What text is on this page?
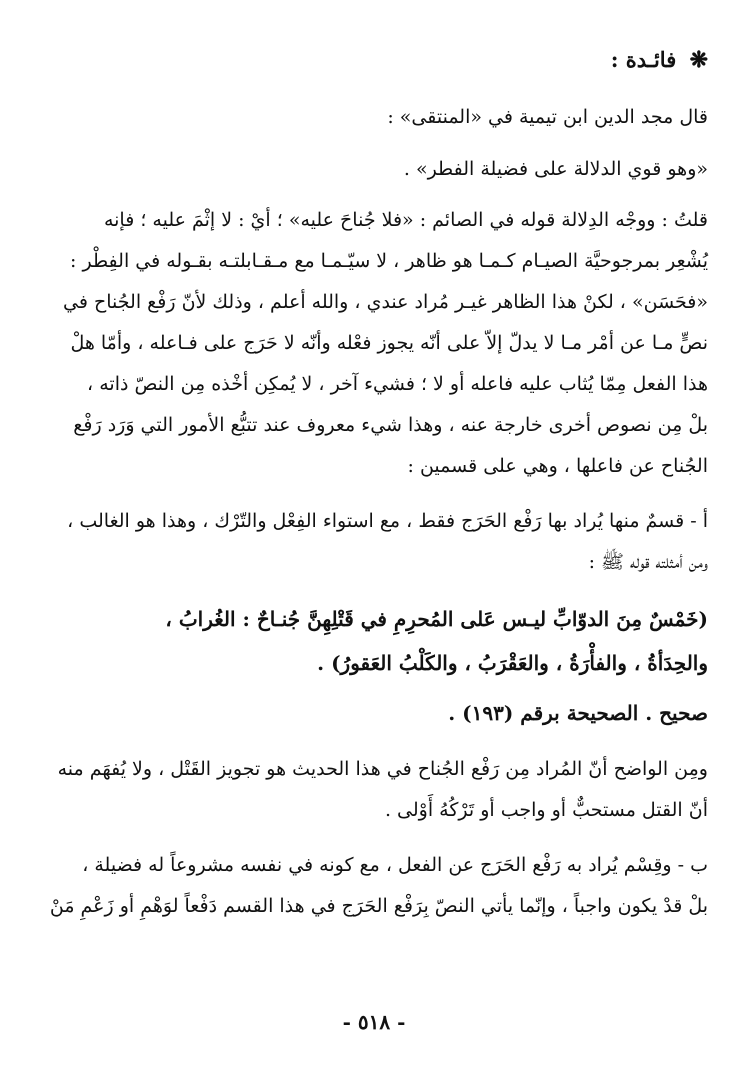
❋ فائـدة :

قال مجد الدين ابن تيمية في «المنتقى» :

«وهو قوي الدلالة على فضيلة الفطر» .

قلتُ : ووجْه الدِلالة قوله في الصائم : «فلا جُناحَ عليه» ؛ أيْ : لا إثْمَ عليه ؛ فإنه
يُشْعِر بمرجوحيَّة الصيـام كـمـا هو ظاهر ، لا سيّـمـا مع مـقـابلتـه بقـوله في الفِطْر :
«فحَسَن» ، لكنْ هذا الظاهر غيـر مُراد عندي ، والله أعلم ، وذلك لأنّ رَفْع الجُناح في
نصٍّ مـا عن أمْر مـا لا يدلّ إلاّ على أنّه يجوز فعْله وأنّه لا حَرَج على فـاعله ، وأمّا هلْ
هذا الفعل مِمّا يُثاب عليه فاعله أو لا ؛ فشيء آخر ، لا يُمكِن أخْذه مِن النصّ ذاته ،
بلْ مِن نصوص أخرى خارجة عنه ، وهذا شيء معروف عند تتبُّع الأمور التي وَرَد رَفْع
الجُناح عن فاعلها ، وهي على قسمين :
أ - قسمٌ منها يُراد بها رَفْع الحَرَج فقط ، مع استواء الفِعْل والتّرْك ، وهذا هو الغالب ،
ومن أمثلته قوله ﷺ :
(خَمْسٌ مِنَ الدوّابِّ ليـس عَلى المُحرِمِ في قَتْلِهِنَّ جُنـاحٌ : الغُرابُ ،
والحِدَأةُ ، والفأْرَةُ ، والعَقْرَبُ ، والكَلْبُ العَقورُ) .
صحيح . الصحيحة برقم (١٩٣) .
ومِن الواضح أنّ المُراد مِن رَفْع الجُناح في هذا الحديث هو تجويز القَتْل ، ولا يُفهَم منه
أنّ القتل مستحبٌّ أو واجب أو تَرْكُهُ أَوْلى .
ب - وقِسْم يُراد به رَفْع الحَرَج عن الفعل ، مع كونه في نفسه مشروعاً له فضيلة ،
بلْ قدْ يكون واجباً ، وإنّما يأتي النصّ بِرَفْع الحَرَج في هذا القسم دَفْعاً لوَهْمِ أو زَعْمِ مَنْ
- ٥١٨ -
